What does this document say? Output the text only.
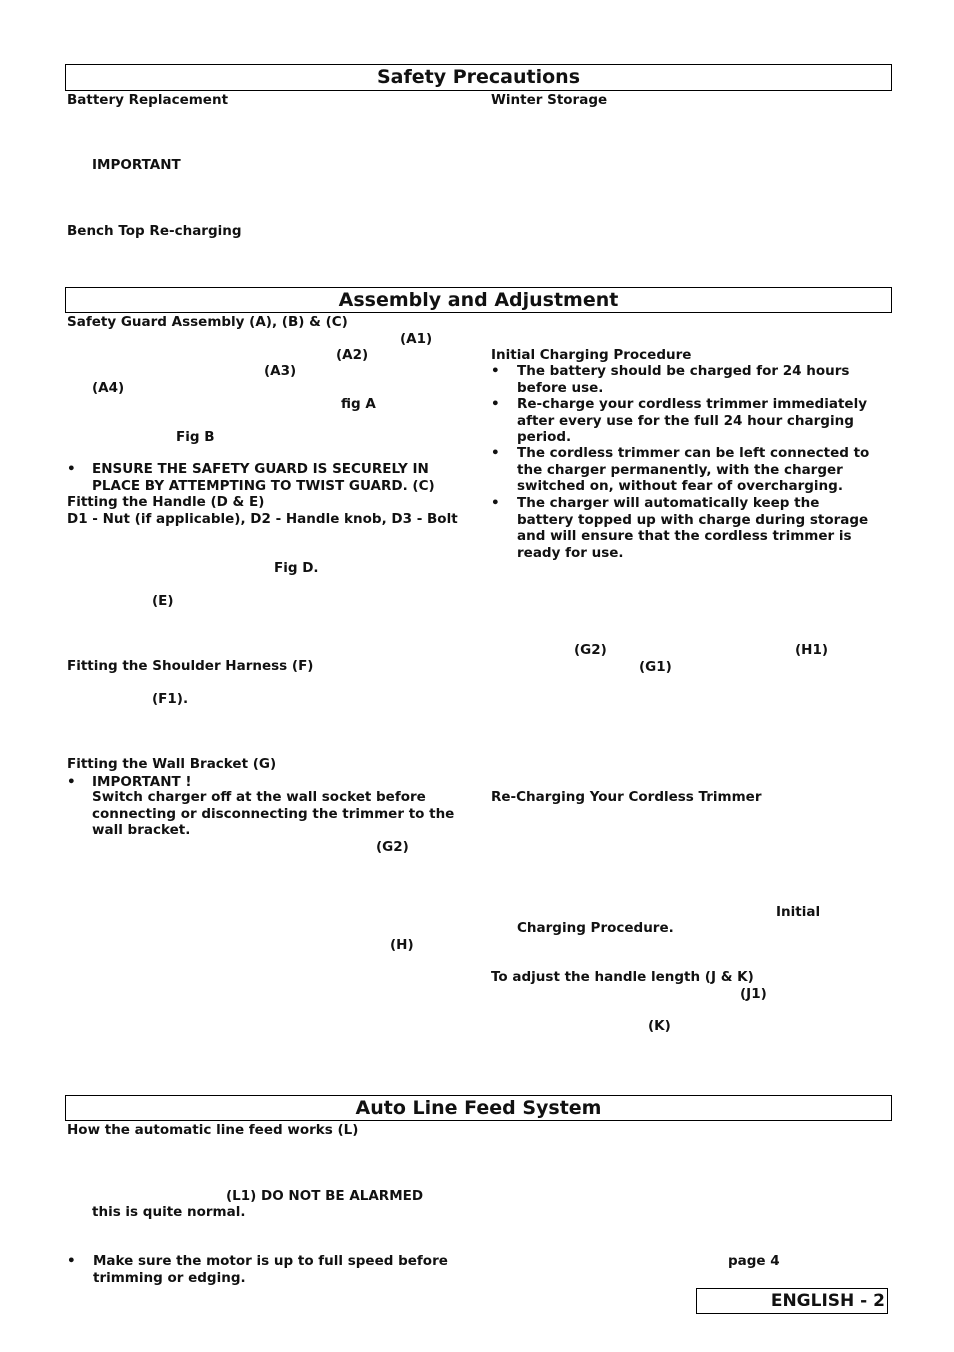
Safety Precautions
Assembly and Adjustment
Auto Line Feed System
Battery Replacement	Winter Storage
IMPORTANT
Bench Top Re-charging
Safety Guard Assembly (A), (B) & (C)
(A1)
(A2)
(A3)
(A4)
fig A
Fig B
• ENSURE THE SAFETY GUARD IS SECURELY IN
PLACE BY ATTEMPTING TO TWIST GUARD. (C)
Fitting the Handle (D & E)
D1 - Nut (if applicable), D2 - Handle knob, D3 - Bolt
Fig D.
(E)
Fitting the Shoulder Harness (F)
(F1).
Fitting the Wall Bracket (G)
• IMPORTANT !
Switch charger off at the wall socket before connecting or disconnecting the trimmer to the wall bracket.
(G2)
(H)
Initial Charging Procedure
• The battery should be charged for 24 hours before use.
• Re-charge your cordless trimmer immediately after every use for the full 24 hour charging period.
• The cordless trimmer can be left connected to the charger permanently, with the charger switched on, without fear of overcharging.
• The charger will automatically keep the battery topped up with charge during storage and will ensure that the cordless trimmer is ready for use.
(G2)	(H1)
(G1)
Re-Charging Your Cordless Trimmer
Initial
Charging Procedure.
To adjust the handle length (J & K)
(J1)
(K)
How the automatic line feed works (L)
(L1) DO NOT BE ALARMED
this is quite normal.
• Make sure the motor is up to full speed before trimming or edging.
page 4
ENGLISH - 2
